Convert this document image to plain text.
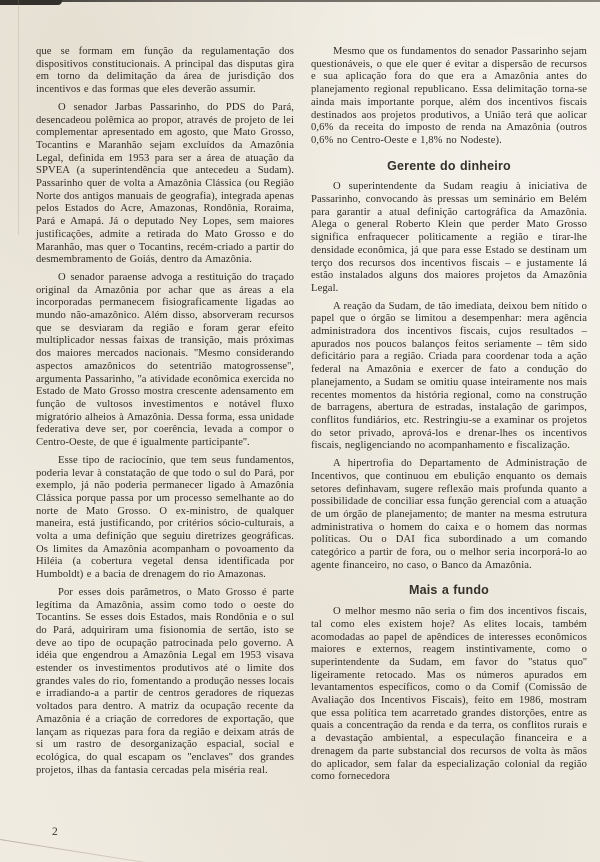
que se formam em função da regulamentação dos dispositivos constitucionais. A principal das disputas gira em torno da delimitação da área de jurisdição dos incentivos e das formas que eles deverão assumir.

O senador Jarbas Passarinho, do PDS do Pará, desencadeou polêmica ao propor, através de projeto de lei complementar apresentado em agosto, que Mato Grosso, Tocantins e Maranhão sejam excluídos da Amazônia Legal, definida em 1953 para ser a área de atuação da SPVEA (a superintendência que antecedeu a Sudam). Passarinho quer de volta a Amazônia Clássica (ou Região Norte dos antigos manuais de geografia), integrada apenas pelos Estados do Acre, Amazonas, Rondônia, Roraima, Pará e Amapá. Já o deputado Ney Lopes, sem maiores justificações, admite a retirada do Mato Grosso e do Maranhão, mas quer o Tocantins, recém-criado a partir do desmembramento de Goiás, dentro da Amazônia.

O senador paraense advoga a restituição do traçado original da Amazônia por achar que as áreas a ela incorporadas permanecem fisiograficamente ligadas ao mundo não-amazônico. Além disso, absorveram recursos que se desviaram da região e foram gerar efeito multiplicador nessas faixas de transição, mais próximas dos maiores mercados nacionais. ''Mesmo considerando aspectos amazônicos do setentrião matogrossense'', argumenta Passarinho, ''a atividade econômica exercida no Estado de Mato Grosso mostra crescente adensamento em função de vultosos investimentos e notável fluxo migratório alheios à Amazônia. Dessa forma, essa unidade federativa deve ser, por coerência, levada a compor o Centro-Oeste, de que é igualmente participante''.

Esse tipo de raciocínio, que tem seus fundamentos, poderia levar à constatação de que todo o sul do Pará, por exemplo, já não poderia permanecer ligado à Amazônia Clássica porque passa por um processo semelhante ao do norte de Mato Grosso. O ex-ministro, de qualquer maneira, está justificando, por critérios sócio-culturais, a volta a uma definição que seguiu diretrizes geográficas. Os limites da Amazônia acompanham o povoamento da Hiléia (a cobertura vegetal densa identificada por Humboldt) e a bacia de drenagem do rio Amazonas.

Por esses dois parâmetros, o Mato Grosso é parte legítima da Amazônia, assim como todo o oeste do Tocantins. Se esses dois Estados, mais Rondônia e o sul do Pará, adquiriram uma fisionomia de sertão, isto se deve ao tipo de ocupação patrocinada pelo governo. A idéia que engendrou a Amazônia Legal em 1953 visava estender os investimentos produtivos até o limite dos grandes vales do rio, fomentando a produção nesses locais e irradiando-a a partir de centros geradores de riquezas voltados para dentro. A matriz da ocupação recente da Amazônia é a criação de corredores de exportação, que lançam as riquezas para fora da região e deixam atrás de si um rastro de desorganização espacial, social e ecológica, do qual escapam os ''enclaves'' dos grandes projetos, ilhas da fantasia cercadas pela miséria real.

Mesmo que os fundamentos do senador Passarinho sejam questionáveis, o que ele quer é evitar a dispersão de recursos e sua aplicação fora do que era a Amazônia antes do planejamento regional republicano. Essa delimitação torna-se ainda mais importante porque, além dos incentivos fiscais destinados aos projetos produtivos, a União terá que aolicar 0,6% da receita do imposto de renda na Amazônia (outros 0,6% no Centro-Oeste e 1,8% no Nodeste).

Gerente do dinheiro

O superintendente da Sudam reagiu à iniciativa de Passarinho, convocando às pressas um seminário em Belém para garantir a atual definição cartográfica da Amazônia. Alega o general Roberto Klein que perder Mato Grosso significa enfraquecer politicamente a região e tirar-lhe densidade econômica, já que para esse Estado se destinam um terço dos recursos dos incentivos fiscais – e justamente lá estão instalados alguns dos maiores projetos da Amazônia Legal.

A reação da Sudam, de tão imediata, deixou bem nítido o papel que o órgão se limitou a desempenhar: mera agência administradora dos incentivos fiscais, cujos resultados – apurados nos poucos balanços feitos seriamente – têm sido deficitário para a região. Criada para coordenar toda a ação federal na Amazônia e exercer de fato a condução do planejamento, a Sudam se omitiu quase inteiramente nos mais recentes momentos da história regional, como na construção de barragens, abertura de estradas, instalação de garimpos, conflitos fundiários, etc. Restringiu-se a examinar os projetos do setor privado, aprová-los e drenar-lhes os incentivos fiscais, negligenciando no acompanhamento e fiscalização.

A hipertrofia do Departamento de Administração de Incentivos, que continuou em ebulição enquanto os demais setores definhavam, sugere reflexão mais profunda quanto a possibilidade de conciliar essa função gerencial com a atuação de um órgão de planejamento; de manter na mesma estrutura administrativa o homem do caixa e o homem das normas políticas. Ou o DAI fica subordinado a um comando categórico a partir de fora, ou o melhor seria incorporá-lo ao agente financeiro, no caso, o Banco da Amazônia.

Mais a fundo

O melhor mesmo não seria o fim dos incentivos fiscais, tal como eles existem hoje? As elites locais, também acomodadas ao papel de apêndices de interesses econômicos maiores e externos, reagem instintivamente, como o superintendente da Sudam, em favor do ''status quo'' ligeiramente retocado. Mas os números apurados em levantamentos específicos, como o da Comif (Comissão de Avaliação dos Incentivos Fiscais), feito em 1986, mostram que essa política tem acarretado grandes distorções, entre as quais a concentração da renda e da terra, os conflitos rurais e a devastação ambiental, a especulação financeira e a drenagem da parte substancial dos recursos de volta às mãos do aplicador, sem falar da especialização colonial da região como fornecedora

2
